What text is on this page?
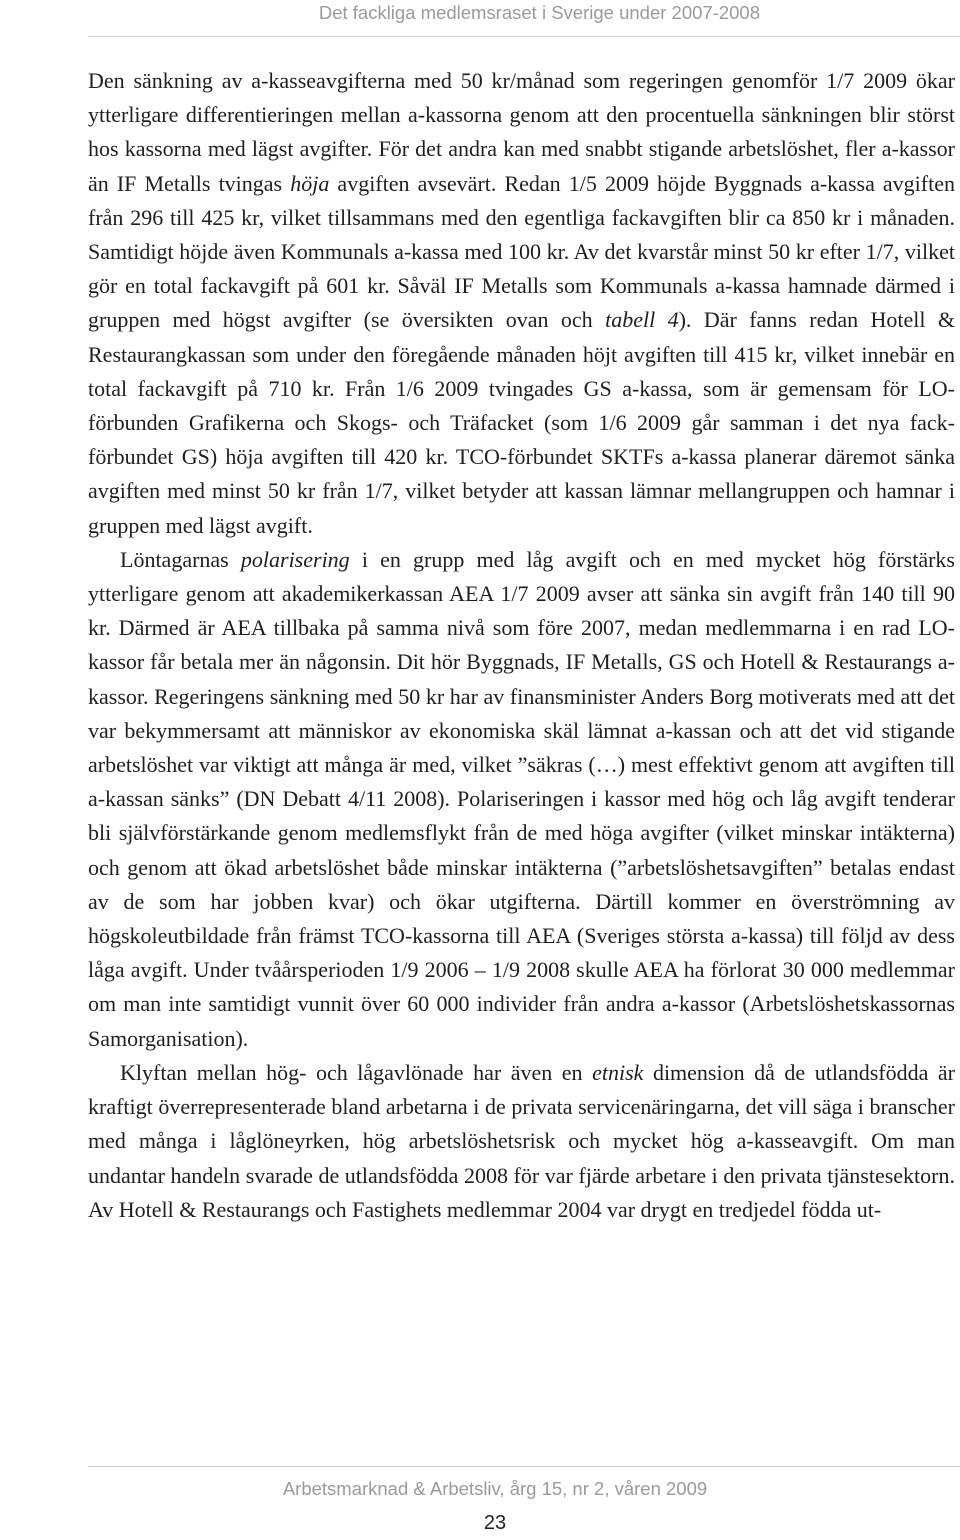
Det fackliga medlemsraset i Sverige under 2007-2008

Den sänkning av a-kasseavgifterna med 50 kr/månad som regeringen genomför 1/7 2009 ökar ytterligare differentieringen mellan a-kassorna genom att den procentuella sänkningen blir störst hos kassorna med lägst avgifter. För det andra kan med snabbt stigande arbetslöshet, fler a-kassor än IF Metalls tvingas höja avgiften avsevärt. Redan 1/5 2009 höjde Byggnads a-kassa avgiften från 296 till 425 kr, vilket tillsammans med den egentliga fackavgiften blir ca 850 kr i månaden. Samtidigt höjde även Kommunals a-kassa med 100 kr. Av det kvarstår minst 50 kr efter 1/7, vilket gör en total fackavgift på 601 kr. Såväl IF Metalls som Kommunals a-kassa hamnade därmed i gruppen med högst avgifter (se översikten ovan och tabell 4). Där fanns redan Hotell & Restaurangkassan som under den föregående månaden höjt avgiften till 415 kr, vilket innebär en total fackavgift på 710 kr. Från 1/6 2009 tvingades GS a-kassa, som är gemensam för LO-förbunden Grafikerna och Skogs- och Träfacket (som 1/6 2009 går samman i det nya fackförbundet GS) höja avgiften till 420 kr. TCO-förbundet SKTFs a-kassa planerar däremot sänka avgiften med minst 50 kr från 1/7, vilket betyder att kassan lämnar mellangruppen och hamnar i gruppen med lägst avgift.

Löntagarnas polarisering i en grupp med låg avgift och en med mycket hög förstärks ytterligare genom att akademikerkassan AEA 1/7 2009 avser att sänka sin avgift från 140 till 90 kr. Därmed är AEA tillbaka på samma nivå som före 2007, medan medlemmarna i en rad LO-kassor får betala mer än någonsin. Dit hör Byggnads, IF Metalls, GS och Hotell & Restaurangs a-kassor. Regeringens sänkning med 50 kr har av finansminister Anders Borg motiverats med att det var bekymmersamt att människor av ekonomiska skäl lämnat a-kassan och att det vid stigande arbetslöshet var viktigt att många är med, vilket ”säkras (…) mest effektivt genom att avgiften till a-kassan sänks” (DN Debatt 4/11 2008). Polariseringen i kassor med hög och låg avgift tenderar bli självförstärkande genom medlemsflykt från de med höga avgifter (vilket minskar intäkterna) och genom att ökad arbetslöshet både minskar intäkterna (”arbetslöshetsavgiften” betalas endast av de som har jobben kvar) och ökar utgifterna. Därtill kommer en överströmning av högskoleutbildade från främst TCO-kassorna till AEA (Sveriges största a-kassa) till följd av dess låga avgift. Under tvåårsperioden 1/9 2006 – 1/9 2008 skulle AEA ha förlorat 30 000 medlemmar om man inte samtidigt vunnit över 60 000 individer från andra a-kassor (Arbetslöshetskassornas Samorganisation).

Klyftan mellan hög- och lågavlönade har även en etnisk dimension då de utlandsfödda är kraftigt överrepresenterade bland arbetarna i de privata servicenäringarna, det vill säga i branscher med många i låglöneyrken, hög arbetslöshetsrisk och mycket hög a-kasseavgift. Om man undantar handeln svarade de utlandsfödda 2008 för var fjärde arbetare i den privata tjänstesektorn. Av Hotell & Restaurangs och Fastighets medlemmar 2004 var drygt en tredjedel födda ut-

Arbetsmarknad & Arbetsliv, årg 15, nr 2, våren 2009
23
